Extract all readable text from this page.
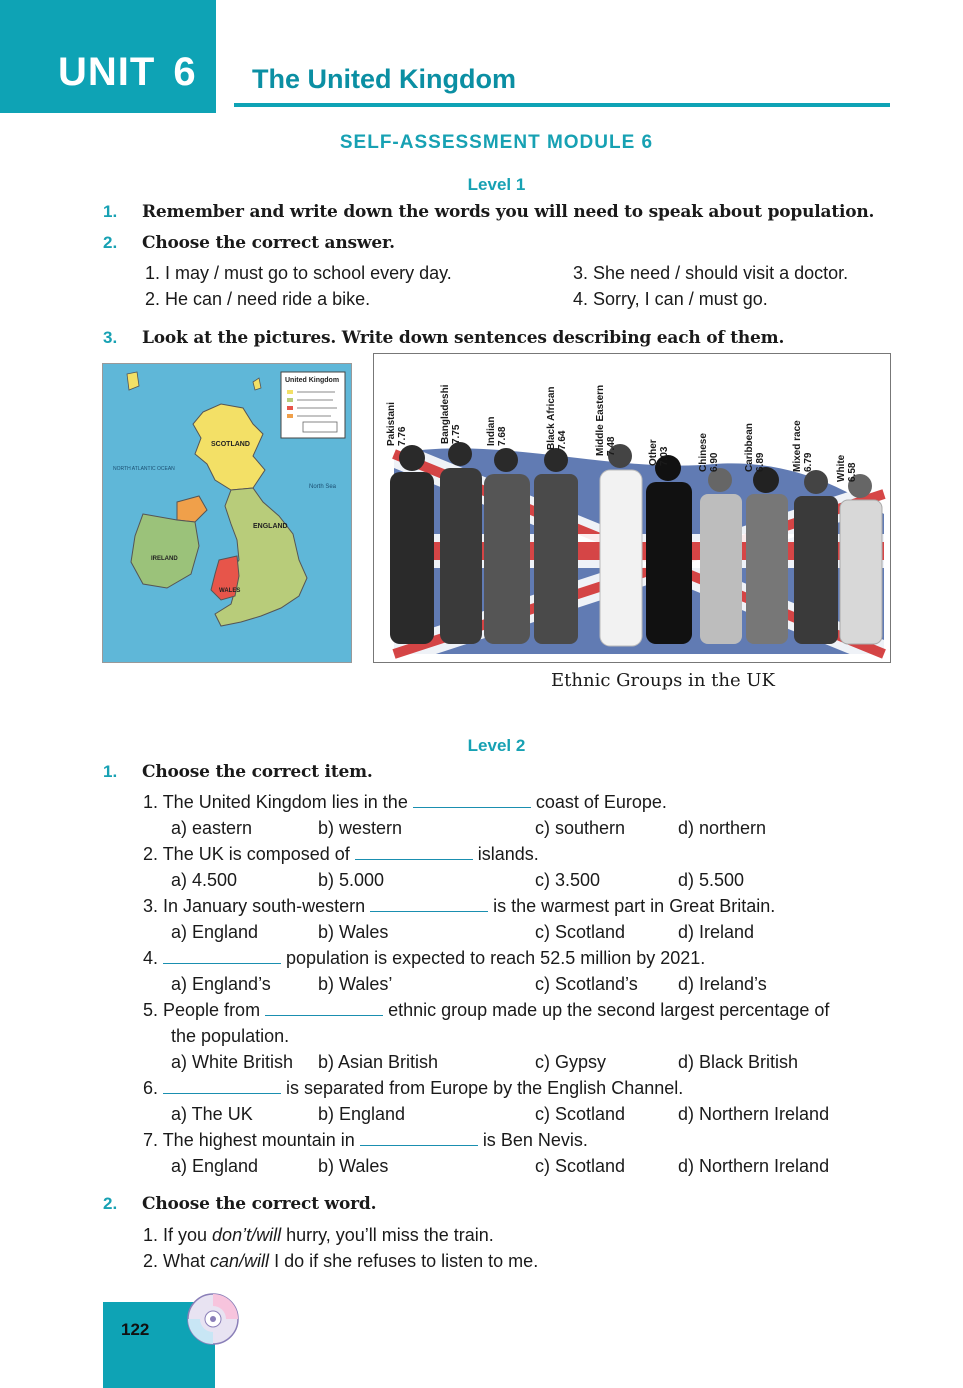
UNIT 6 The United Kingdom
SELF-ASSESSMENT MODULE 6
Level 1
1. Remember and write down the words you will need to speak about population.
2. Choose the correct answer.
1. I may / must go to school every day.
2. He can / need ride a bike.
3. She need / should visit a doctor.
4. Sorry, I can / must go.
3. Look at the pictures. Write down sentences describing each of them.
United Kingdom
SCOTLAND
ENGLAND
WALES
IRELAND
NORTH ATLANTIC OCEAN
North Sea
Pakistani
7.76	Bangladeshi
7.75 Indian
7.68	Black African
7.64	Middle Eastern
7.48	Other
7.03	Chinese
6.90 Caribbean
6.89	Mixed race
6.79 White
6.58
Ethnic Groups in the UK
Level 2
1. Choose the correct item.
1. The United Kingdom lies in the	coast of Europe.
a) eastern	b) western	c) southern	d) northern
2. The UK is composed of	islands.
a) 4.500	b) 5.000	c) 3.500	d) 5.500
3. In January south-western	is the warmest part in Great Britain.
a) England	b) Wales	c) Scotland	d) Ireland
4.	population is expected to reach 52.5 million by 2021.
a) England’s	b) Wales’	c) Scotland’s d) Ireland’s
5. People from	ethnic group made up the second largest percentage of
the population.
a) White British b) Asian British	c) Gypsy	d) Black British
6.	is separated from Europe by the English Channel.
a) The UK	b) England	c) Scotland	d) Northern Ireland
7. The highest mountain in	is Ben Nevis.
a) England	b) Wales	c) Scotland	d) Northern Ireland
2. Choose the correct word.
1. If you don’t/will hurry, you’ll miss the train.
2. What can/will I do if she refuses to listen to me.
122
